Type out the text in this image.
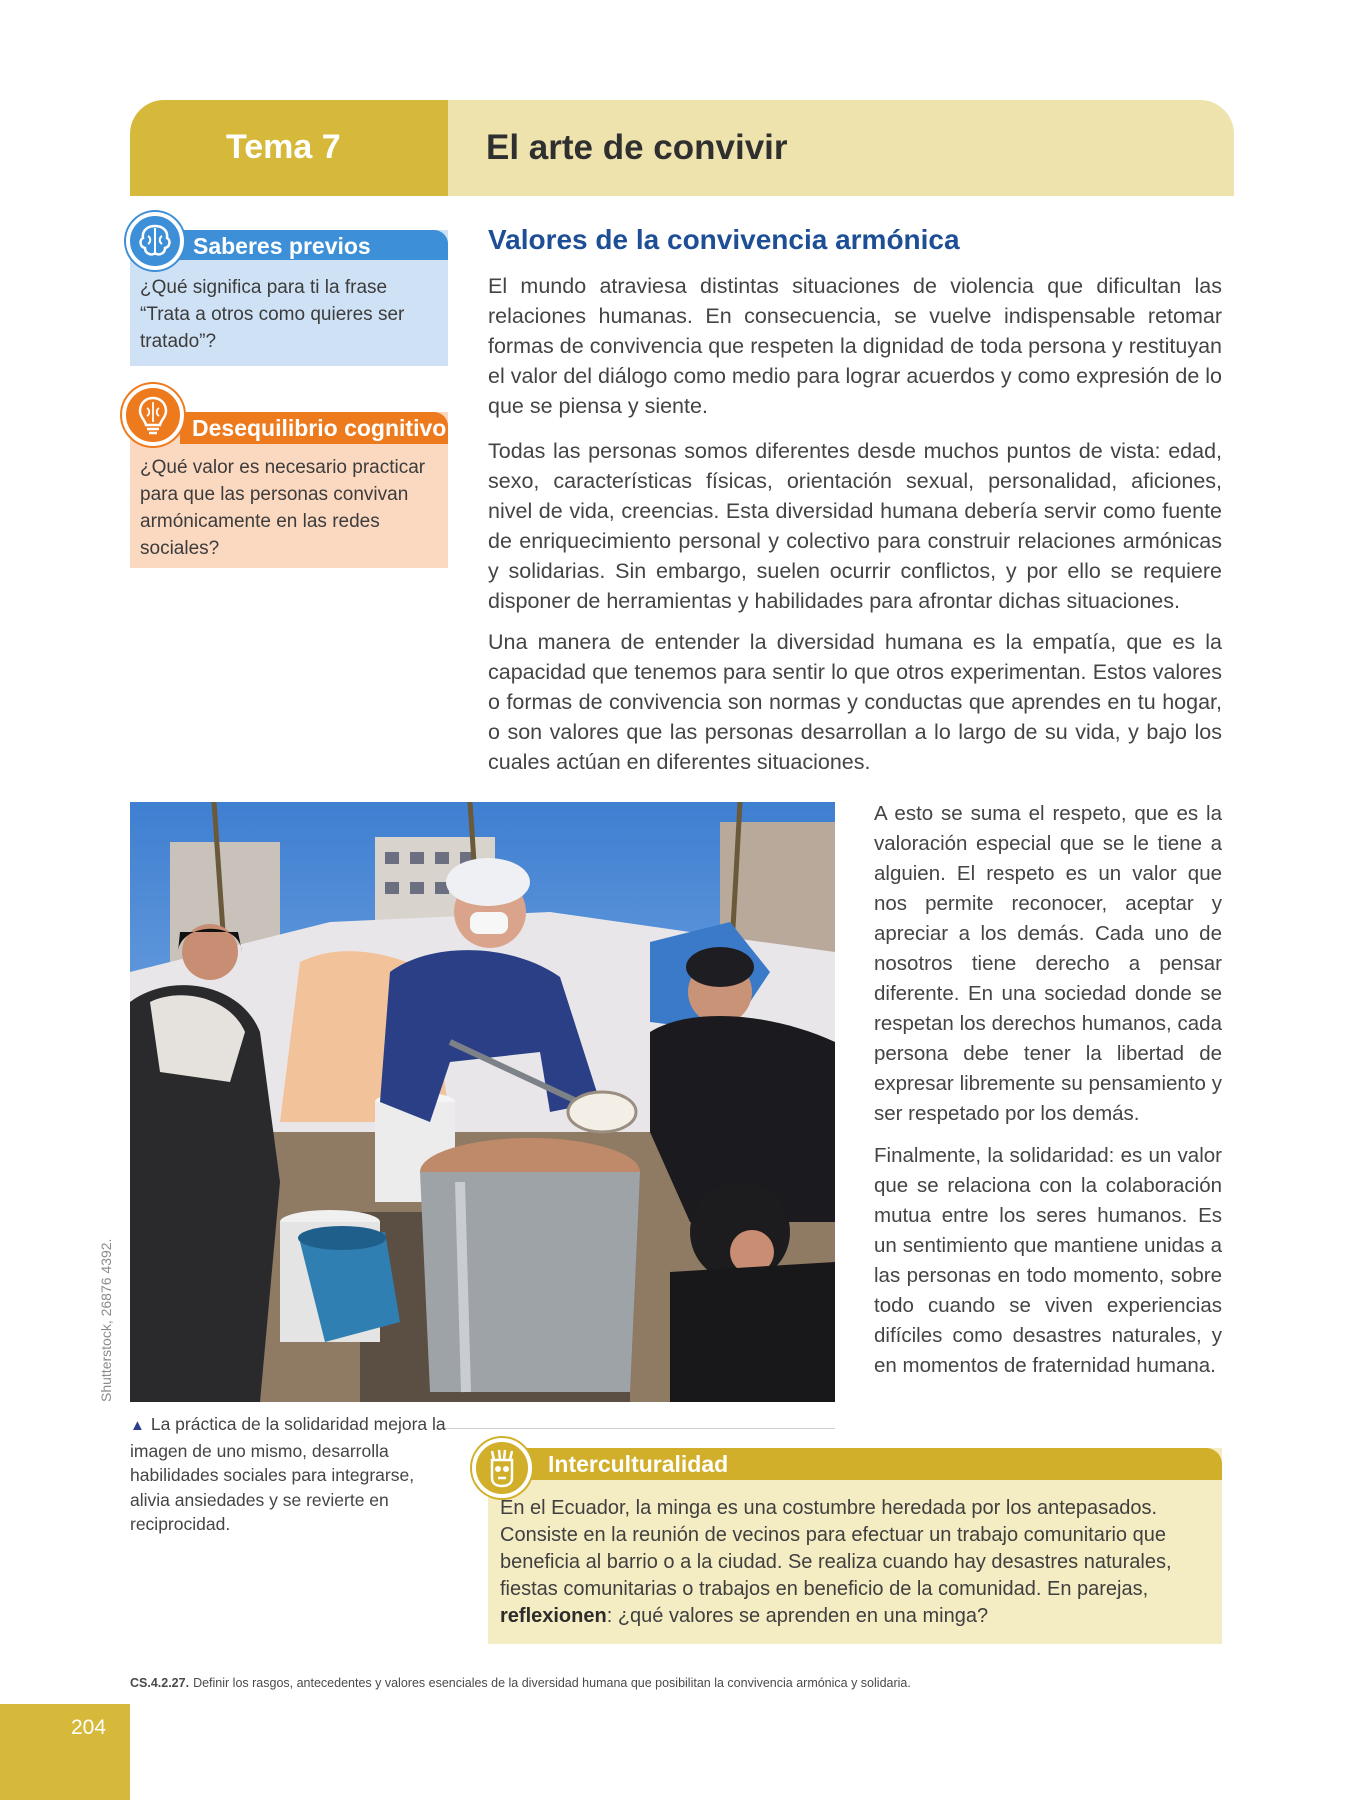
Tema 7	El arte de convivir
Saberes previos

¿Qué significa para ti la frase “Trata a otros como quieres ser tratado”?

Desequilibrio cognitivo

¿Qué valor es necesario practicar para que las personas convivan armónicamente en las redes sociales?

Valores de la convivencia armónica

El mundo atraviesa distintas situaciones de violencia que dificultan las relaciones humanas. En consecuencia, se vuelve indispensable retomar formas de convivencia que respeten la dignidad de toda persona y restituyan el valor del diálogo como medio para lograr acuerdos y como expresión de lo que se piensa y siente.

Todas las personas somos diferentes desde muchos puntos de vista: edad, sexo, características físicas, orientación sexual, personalidad, aficiones, nivel de vida, creencias. Esta diversidad humana debería servir como fuente de enriquecimiento personal y colectivo para construir relaciones armónicas y solidarias. Sin embargo, suelen ocurrir conflictos, y por ello se requiere disponer de herramientas y habilidades para afrontar dichas situaciones.

Una manera de entender la diversidad humana es la empatía, que es la capacidad que tenemos para sentir lo que otros experimentan. Estos valores o formas de convivencia son normas y conductas que aprendes en tu hogar, o son valores que las personas desarrollan a lo largo de su vida, y bajo los cuales actúan en diferentes situaciones.

A esto se suma el respeto, que es la valoración especial que se le tiene a alguien. El respeto es un valor que nos permite reconocer, aceptar y apreciar a los demás. Cada uno de nosotros tiene derecho a pensar diferente. En una sociedad donde se respetan los derechos humanos, cada persona debe tener la libertad de expresar libremente su pensamiento y ser respetado por los demás.

Finalmente, la solidaridad: es un valor que se relaciona con la colaboración mutua entre los seres humanos. Es un sentimiento que mantiene unidas a las personas en todo momento, sobre todo cuando se viven experiencias difíciles como desastres naturales, y en momentos de fraternidad humana.

Shutterstock, 26876 4392.

▲ La práctica de la solidaridad mejora la imagen de uno mismo, desarrolla habilidades sociales para integrarse, alivia ansiedades y se revierte en reciprocidad.

Interculturalidad

En el Ecuador, la minga es una costumbre heredada por los antepasados. Consiste en la reunión de vecinos para efectuar un trabajo comunitario que beneficia al barrio o a la ciudad. Se realiza cuando hay desastres naturales, fiestas comunitarias o trabajos en beneficio de la comunidad. En parejas, reflexionen: ¿qué valores se aprenden en una minga?

CS.4.2.27. Definir los rasgos, antecedentes y valores esenciales de la diversidad humana que posibilitan la convivencia armónica y solidaria.

204
